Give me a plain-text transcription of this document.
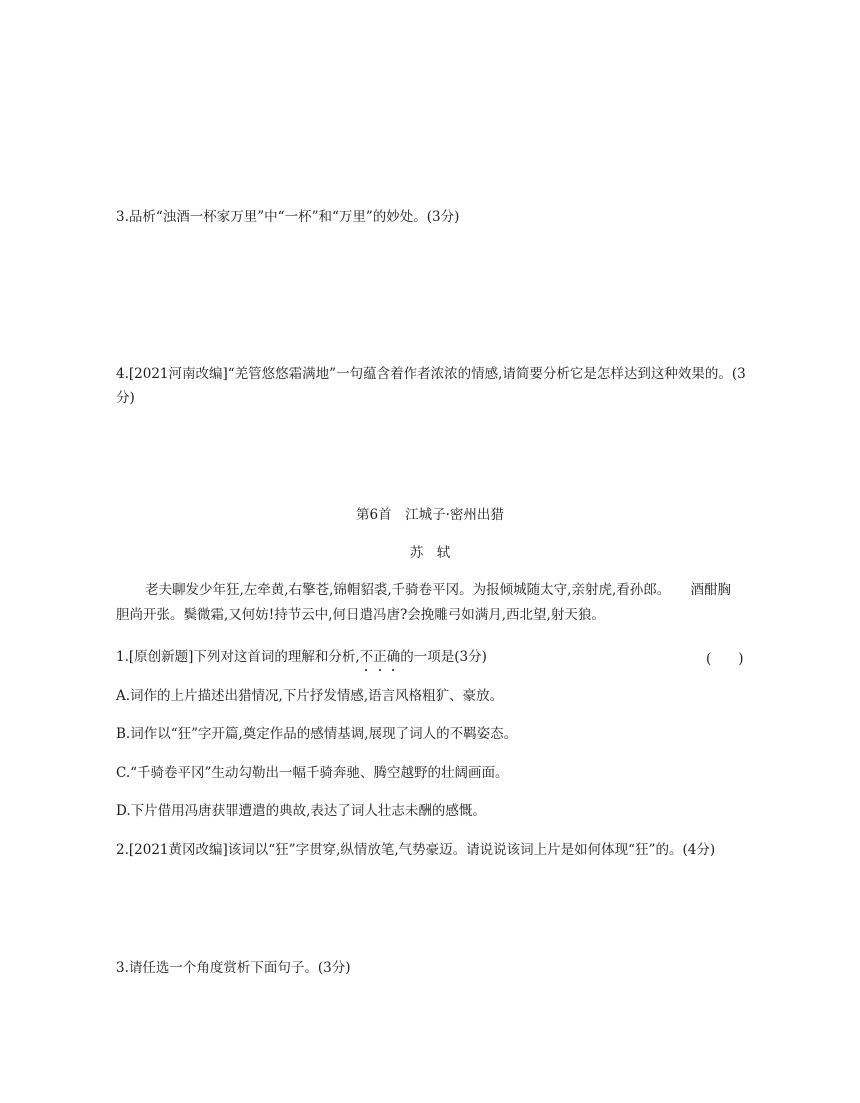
3.品析“浊酒一杯家万里”中“一杯”和“万里”的妙处。(3分)
4.[2021河南改编]“羌管悠悠霜满地”一句蕴含着作者浓浓的情感,请简要分析它是怎样达到这种效果的。(3
分)
第6首　江城子·密州出猎
苏　轼
老夫聊发少年狂,左牵黄,右擎苍,锦帽貂裘,千骑卷平冈。为报倾城随太守,亲射虎,看孙郎。　　酒酣胸
胆尚开张。鬓微霜,又何妨!持节云中,何日遣冯唐?会挽雕弓如满月,西北望,射天狼。
1.[原创新题]下列对这首词的理解和分析,不正确的一项是(3分)	(　　)
A.词作的上片描述出猎情况,下片抒发情感,语言风格粗犷、豪放。
B.词作以“狂”字开篇,奠定作品的感情基调,展现了词人的不羁姿态。
C.“千骑卷平冈”生动勾勒出一幅千骑奔驰、腾空越野的壮阔画面。
D.下片借用冯唐获罪遭遣的典故,表达了词人壮志未酬的感慨。
2.[2021黄冈改编]该词以“狂”字贯穿,纵情放笔,气势豪迈。请说说该词上片是如何体现“狂”的。(4分)
3.请任选一个角度赏析下面句子。(3分)
